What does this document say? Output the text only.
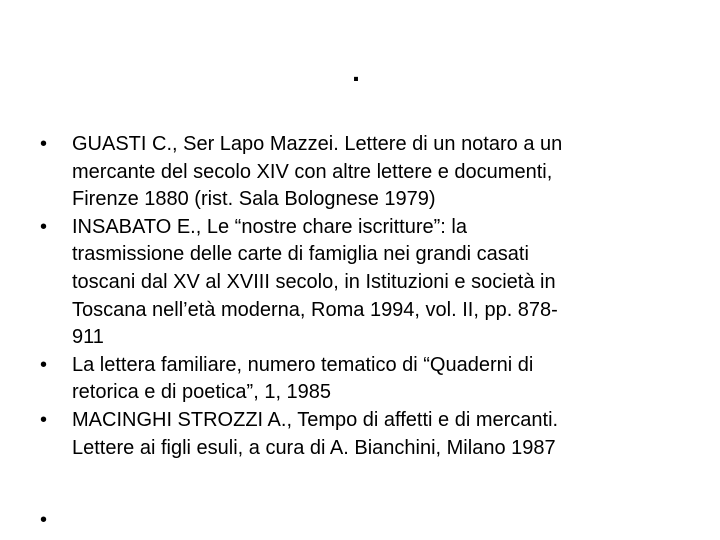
.
• GUASTI C., Ser Lapo Mazzei. Lettere di un notaro a un
mercante del secolo XIV con altre lettere e documenti,
Firenze 1880 (rist. Sala Bolognese 1979)
• INSABATO E., Le “nostre chare iscritture”: la
trasmissione delle carte di famiglia nei grandi casati
toscani dal XV al XVIII secolo, in Istituzioni e società in
Toscana nell’età moderna, Roma 1994, vol. II, pp. 878-
911
• La lettera familiare, numero tematico di “Quaderni di
retorica e di poetica”, 1, 1985
• MACINGHI STROZZI A., Tempo di affetti e di mercanti.
Lettere ai figli esuli, a cura di A. Bianchini, Milano 1987
•
